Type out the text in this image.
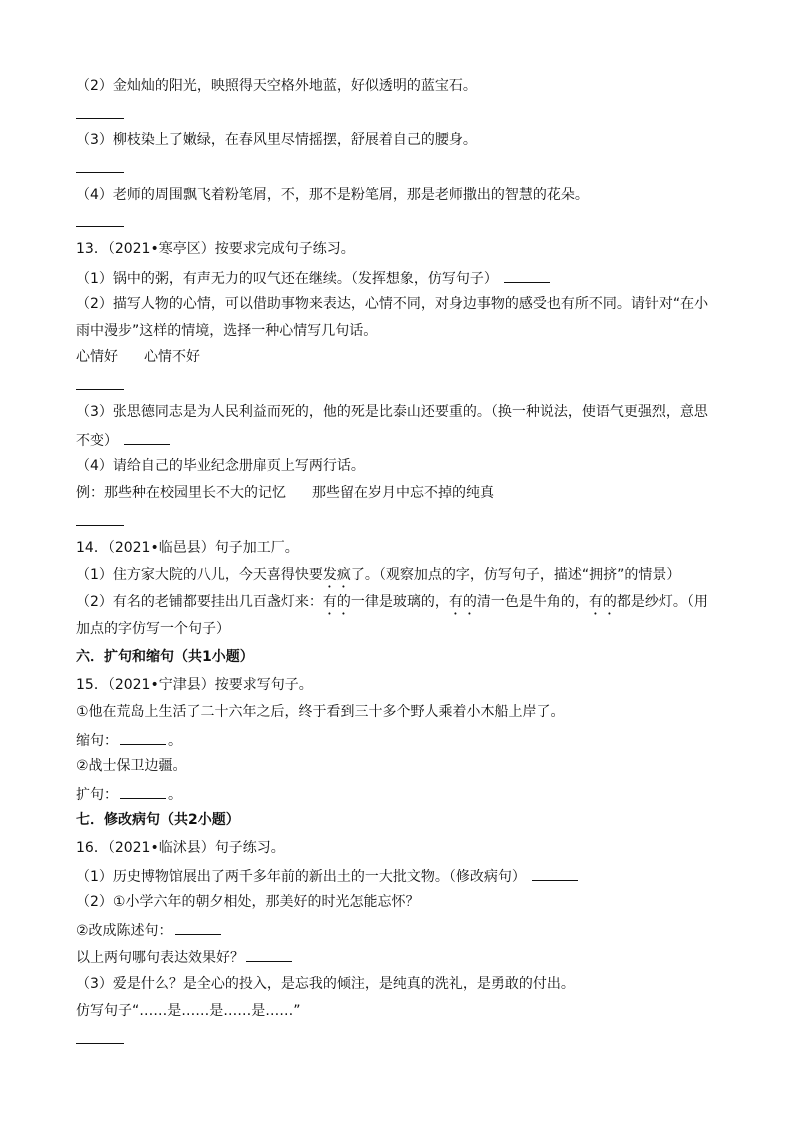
（2）金灿灿的阳光，映照得天空格外地蓝，好似透明的蓝宝石。
（3）柳枝染上了嫩绿，在春风里尽情摇摆，舒展着自己的腰身。
（4）老师的周围飘飞着粉笔屑，不，那不是粉笔屑，那是老师撒出的智慧的花朵。
13．（2021•寒亭区）按要求完成句子练习。
（1）锅中的粥，有声无力的叹气还在继续。（发挥想象，仿写句子）
（2）描写人物的心情，可以借助事物来表达，心情不同，对身边事物的感受也有所不同。请针对“在小
雨中漫步”这样的情境，选择一种心情写几句话。
心情好 心情不好
（3）张思德同志是为人民利益而死的，他的死是比泰山还要重的。（换一种说法，使语气更强烈，意思
不变）
（4）请给自己的毕业纪念册扉页上写两行话。
例：那些种在校园里长不大的记忆 那些留在岁月中忘不掉的纯真
14．（2021•临邑县）句子加工厂。
（1）住方家大院的八儿，今天喜得快要发疯了。（观察加点的字，仿写句子，描述“拥挤”的情景）
（2）有名的老铺都要挂出几百盏灯来：有的一律是玻璃的，有的清一色是牛角的，有的都是纱灯。（用
加点的字仿写一个句子）
六．扩句和缩句（共1小题）
15．（2021•宁津县）按要求写句子。
①他在荒岛上生活了二十六年之后，终于看到三十多个野人乘着小木船上岸了。
缩句：	。
②战士保卫边疆。
扩句：	。
七．修改病句（共2小题）
16．（2021•临沭县）句子练习。
（1）历史博物馆展出了两千多年前的新出土的一大批文物。（修改病句）
（2）①小学六年的朝夕相处，那美好的时光怎能忘怀？
②改成陈述句：
以上两句哪句表达效果好？
（3）爱是什么？是全心的投入，是忘我的倾注，是纯真的洗礼，是勇敢的付出。
仿写句子“……是……是……是……”
